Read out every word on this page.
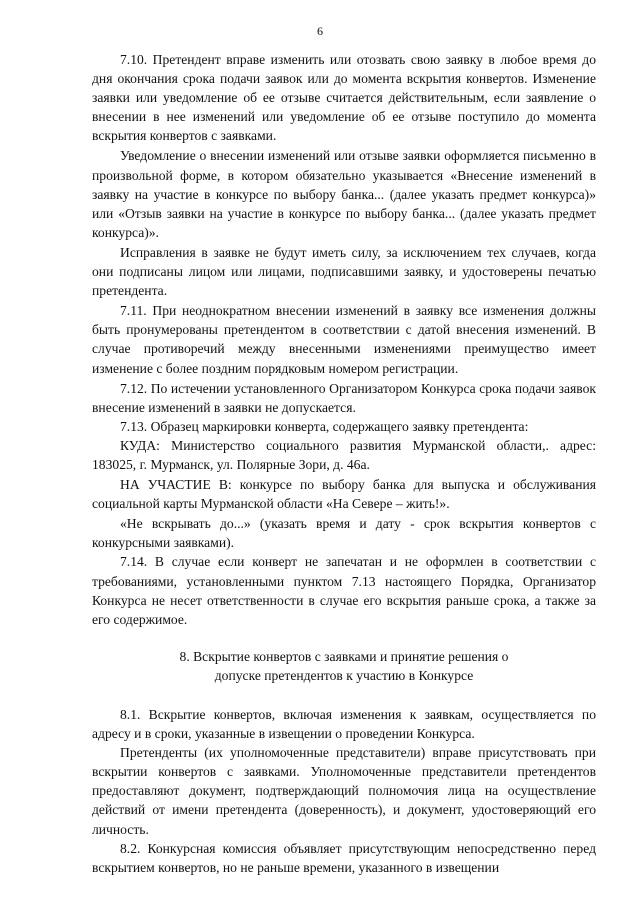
6

7.10. Претендент вправе изменить или отозвать свою заявку в любое время до дня окончания срока подачи заявок или до момента вскрытия конвертов. Изменение заявки или уведомление об ее отзыве считается действительным, если заявление о внесении в нее изменений или уведомление об ее отзыве поступило до момента вскрытия конвертов с заявками.

Уведомление о внесении изменений или отзыве заявки оформляется письменно в произвольной форме, в котором обязательно указывается «Внесение изменений в заявку на участие в конкурсе по выбору банка... (далее указать предмет конкурса)» или «Отзыв заявки на участие в конкурсе по выбору банка... (далее указать предмет конкурса)».

Исправления в заявке не будут иметь силу, за исключением тех случаев, когда они подписаны лицом или лицами, подписавшими заявку, и удостоверены печатью претендента.

7.11. При неоднократном внесении изменений в заявку все изменения должны быть пронумерованы претендентом в соответствии с датой внесения изменений. В случае противоречий между внесенными изменениями преимущество имеет изменение с более поздним порядковым номером регистрации.

7.12. По истечении установленного Организатором Конкурса срока подачи заявок внесение изменений в заявки не допускается.

7.13. Образец маркировки конверта, содержащего заявку претендента:

КУДА: Министерство социального развития Мурманской области,. адрес: 183025, г. Мурманск, ул. Полярные Зори, д. 46а.

НА УЧАСТИЕ В: конкурсе по выбору банка для выпуска и обслуживания социальной карты Мурманской области «На Севере – жить!».

«Не вскрывать до...» (указать время и дату - срок вскрытия конвертов с конкурсными заявками).

7.14. В случае если конверт не запечатан и не оформлен в соответствии с требованиями, установленными пунктом 7.13 настоящего Порядка, Организатор Конкурса не несет ответственности в случае его вскрытия раньше срока, а также за его содержимое.

8. Вскрытие конвертов с заявками и принятие решения о
допуске претендентов к участию в Конкурсе

8.1. Вскрытие конвертов, включая изменения к заявкам, осуществляется по адресу и в сроки, указанные в извещении о проведении Конкурса.

Претенденты (их уполномоченные представители) вправе присутствовать при вскрытии конвертов с заявками. Уполномоченные представители претендентов предоставляют документ, подтверждающий полномочия лица на осуществление действий от имени претендента (доверенность), и документ, удостоверяющий его личность.

8.2. Конкурсная комиссия объявляет присутствующим непосредственно перед вскрытием конвертов, но не раньше времени, указанного в извещении
